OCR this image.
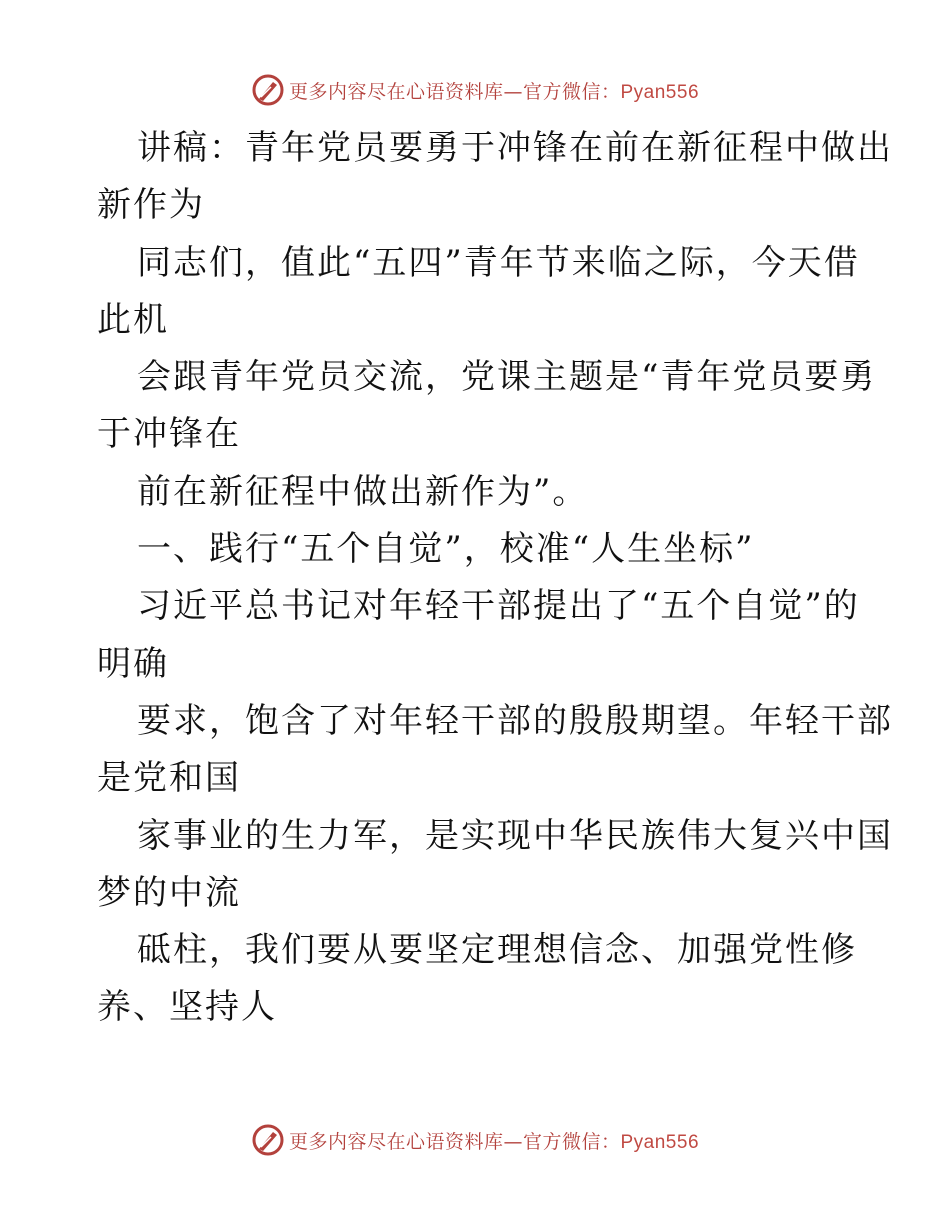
更多内容尽在心语资料库—官方微信：Pyan556
讲稿：青年党员要勇于冲锋在前在新征程中做出
新作为
同志们，值此“五四”青年节来临之际，今天借
此机
会跟青年党员交流，党课主题是“青年党员要勇
于冲锋在
前在新征程中做出新作为”。
一、践行“五个自觉”，校准“人生坐标”
习近平总书记对年轻干部提出了“五个自觉”的
明确
要求，饱含了对年轻干部的殷殷期望。年轻干部
是党和国
家事业的生力军，是实现中华民族伟大复兴中国
梦的中流
砥柱，我们要从要坚定理想信念、加强党性修
养、坚持人
更多内容尽在心语资料库—官方微信：Pyan556
